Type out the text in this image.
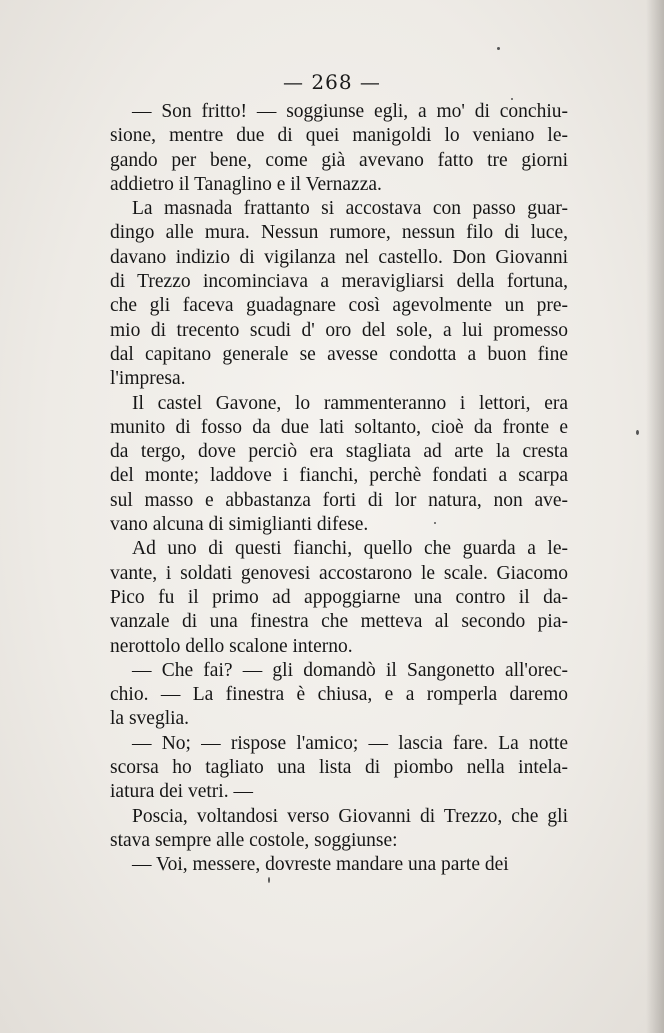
— 268 —
— Son fritto! — soggiunse egli, a mo' di conchiu-
sione, mentre due di quei manigoldi lo veniano le-
gando per bene, come già avevano fatto tre giorni
addietro il Tanaglino e il Vernazza.
La masnada frattanto si accostava con passo guar-
dingo alle mura. Nessun rumore, nessun filo di luce,
davano indizio di vigilanza nel castello. Don Giovanni
di Trezzo incominciava a meravigliarsi della fortuna,
che gli faceva guadagnare così agevolmente un pre-
mio di trecento scudi d' oro del sole, a lui promesso
dal capitano generale se avesse condotta a buon fine
l'impresa.
Il castel Gavone, lo rammenteranno i lettori, era
munito di fosso da due lati soltanto, cioè da fronte e
da tergo, dove perciò era stagliata ad arte la cresta
del monte; laddove i fianchi, perchè fondati a scarpa
sul masso e abbastanza forti di lor natura, non ave-
vano alcuna di simiglianti difese.
Ad uno di questi fianchi, quello che guarda a le-
vante, i soldati genovesi accostarono le scale. Giacomo
Pico fu il primo ad appoggiarne una contro il da-
vanzale di una finestra che metteva al secondo pia-
nerottolo dello scalone interno.
— Che fai? — gli domandò il Sangonetto all'orec-
chio. — La finestra è chiusa, e a romperla daremo
la sveglia.
— No; — rispose l'amico; — lascia fare. La notte
scorsa ho tagliato una lista di piombo nella intela-
iatura dei vetri. —
Poscia, voltandosi verso Giovanni di Trezzo, che gli
stava sempre alle costole, soggiunse:
— Voi, messere, dovreste mandare una parte dei
